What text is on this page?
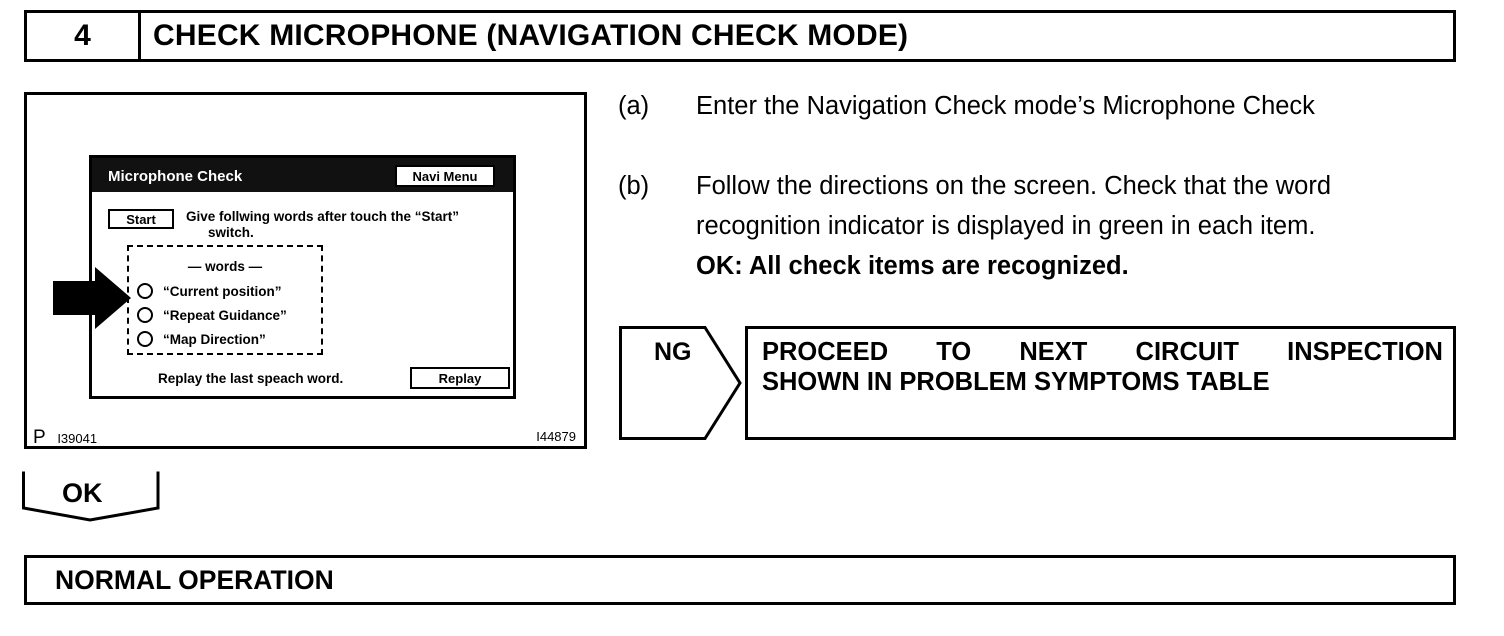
4	CHECK MICROPHONE (NAVIGATION CHECK MODE)
Microphone Check	Navi Menu
Start	Give follwing words after touch the “Start”
switch.
— words —
“Current position”
“Repeat Guidance”
“Map Direction”
Replay the last speach word.	Replay
P I39041	I44879
(a) Enter the Navigation Check mode’s Microphone Check
(b) Follow the directions on the screen. Check that the word
recognition indicator is displayed in green in each item.
OK: All check items are recognized.
NG	PROCEED TO NEXT CIRCUIT INSPECTION
SHOWN IN PROBLEM SYMPTOMS TABLE
OK
NORMAL OPERATION
